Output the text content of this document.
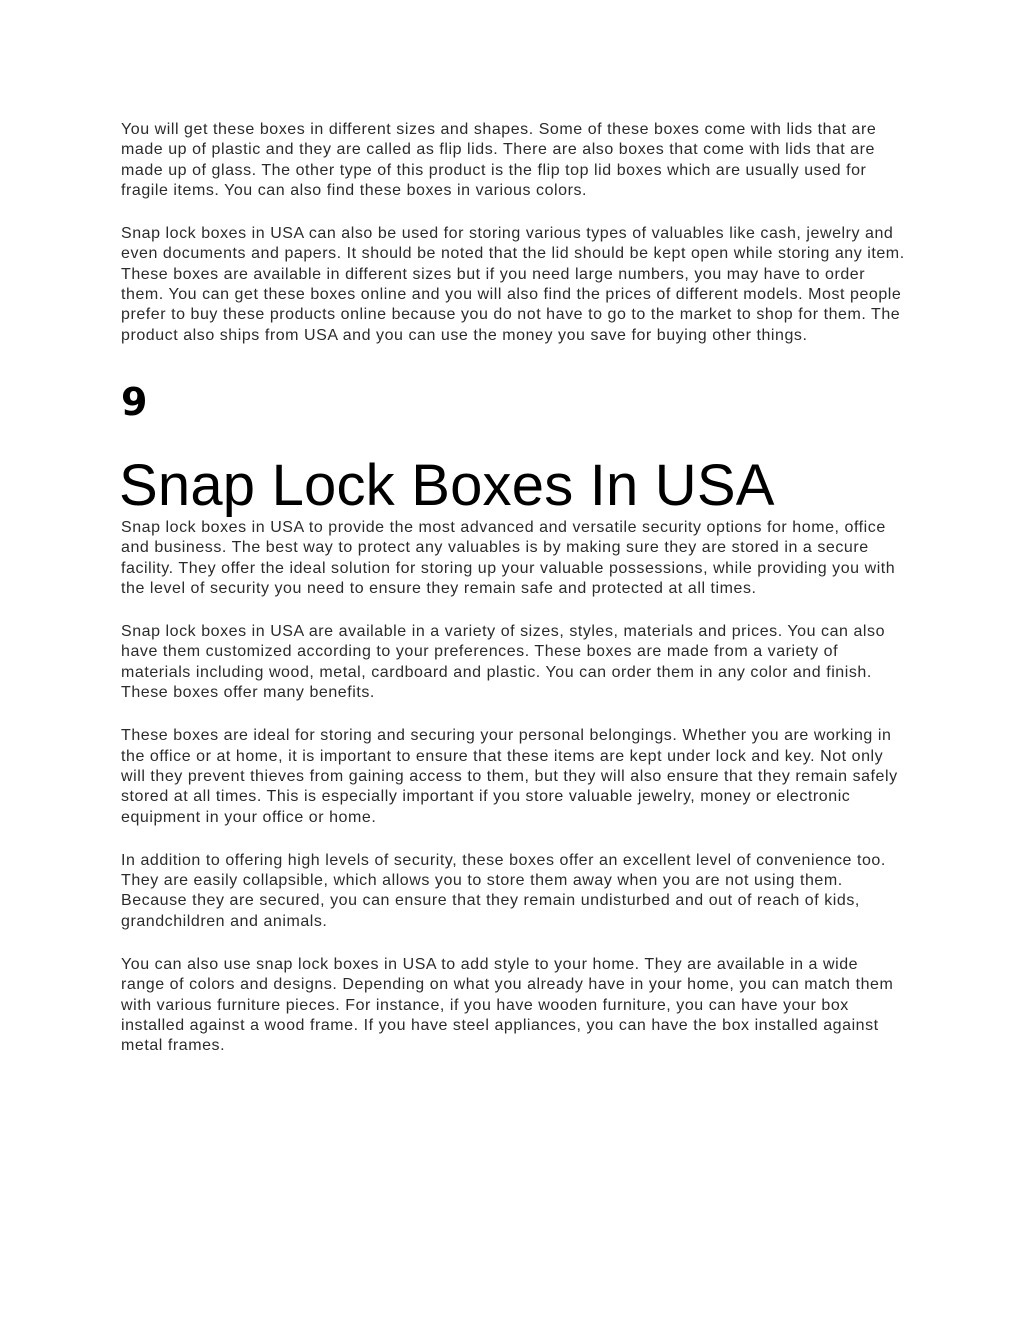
You will get these boxes in different sizes and shapes. Some of these boxes come with lids that are made up of plastic and they are called as flip lids. There are also boxes that come with lids that are made up of glass. The other type of this product is the flip top lid boxes which are usually used for fragile items. You can also find these boxes in various colors.

Snap lock boxes in USA can also be used for storing various types of valuables like cash, jewelry and even documents and papers. It should be noted that the lid should be kept open while storing any item. These boxes are available in different sizes but if you need large numbers, you may have to order them. You can get these boxes online and you will also find the prices of different models. Most people prefer to buy these products online because you do not have to go to the market to shop for them. The product also ships from USA and you can use the money you save for buying other things.

9
Snap Lock Boxes In USA

Snap lock boxes in USA to provide the most advanced and versatile security options for home, office and business. The best way to protect any valuables is by making sure they are stored in a secure facility. They offer the ideal solution for storing up your valuable possessions, while providing you with the level of security you need to ensure they remain safe and protected at all times.

Snap lock boxes in USA are available in a variety of sizes, styles, materials and prices. You can also have them customized according to your preferences. These boxes are made from a variety of materials including wood, metal, cardboard and plastic. You can order them in any color and finish. These boxes offer many benefits.

These boxes are ideal for storing and securing your personal belongings. Whether you are working in the office or at home, it is important to ensure that these items are kept under lock and key. Not only will they prevent thieves from gaining access to them, but they will also ensure that they remain safely stored at all times. This is especially important if you store valuable jewelry, money or electronic equipment in your office or home.

In addition to offering high levels of security, these boxes offer an excellent level of convenience too. They are easily collapsible, which allows you to store them away when you are not using them. Because they are secured, you can ensure that they remain undisturbed and out of reach of kids, grandchildren and animals.

You can also use snap lock boxes in USA to add style to your home. They are available in a wide range of colors and designs. Depending on what you already have in your home, you can match them with various furniture pieces. For instance, if you have wooden furniture, you can have your box installed against a wood frame. If you have steel appliances, you can have the box installed against metal frames.
